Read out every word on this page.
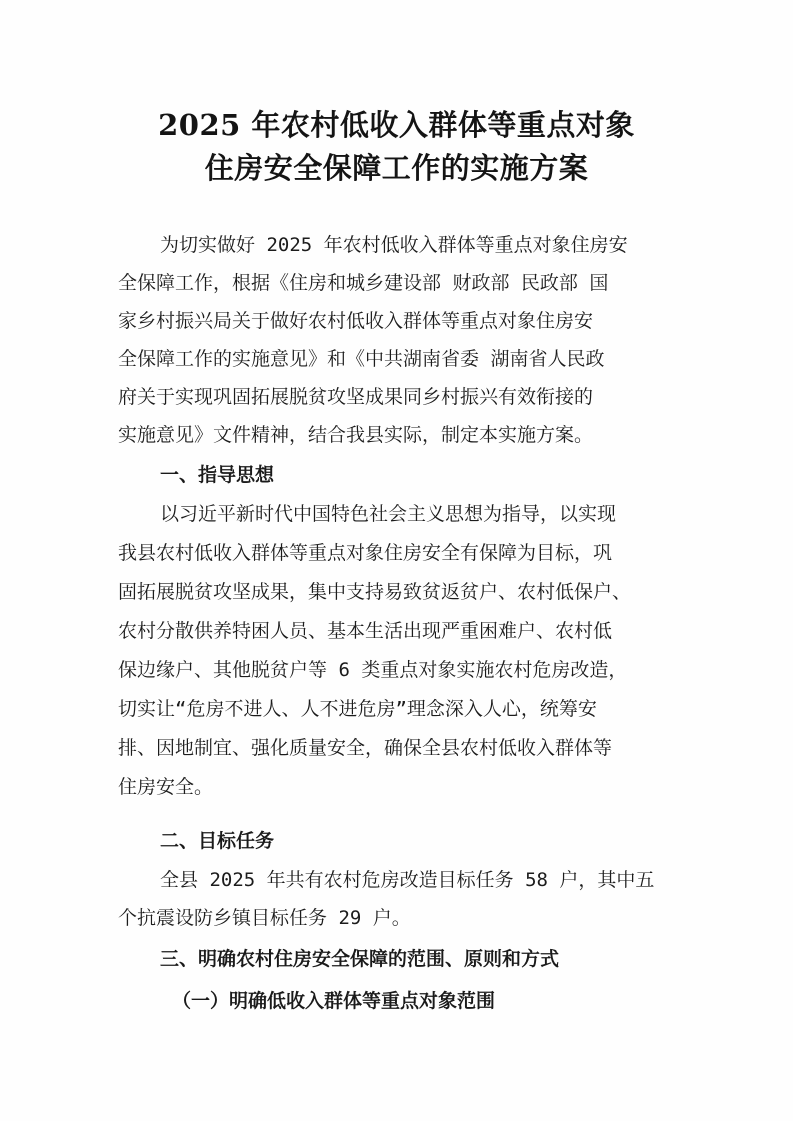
2025 年农村低收入群体等重点对象
住房安全保障工作的实施方案
为切实做好 2025 年农村低收入群体等重点对象住房安
全保障工作，根据《住房和城乡建设部 财政部 民政部 国
家乡村振兴局关于做好农村低收入群体等重点对象住房安
全保障工作的实施意见》和《中共湖南省委 湖南省人民政
府关于实现巩固拓展脱贫攻坚成果同乡村振兴有效衔接的
实施意见》文件精神，结合我县实际，制定本实施方案。
一、指导思想
以习近平新时代中国特色社会主义思想为指导，以实现
我县农村低收入群体等重点对象住房安全有保障为目标，巩
固拓展脱贫攻坚成果，集中支持易致贫返贫户、农村低保户、
农村分散供养特困人员、基本生活出现严重困难户、农村低
保边缘户、其他脱贫户等 6 类重点对象实施农村危房改造，
切实让“危房不进人、人不进危房”理念深入人心，统筹安
排、因地制宜、强化质量安全，确保全县农村低收入群体等
住房安全。
二、目标任务
全县 2025 年共有农村危房改造目标任务 58 户，其中五
个抗震设防乡镇目标任务 29 户。
三、明确农村住房安全保障的范围、原则和方式
（一）明确低收入群体等重点对象范围
